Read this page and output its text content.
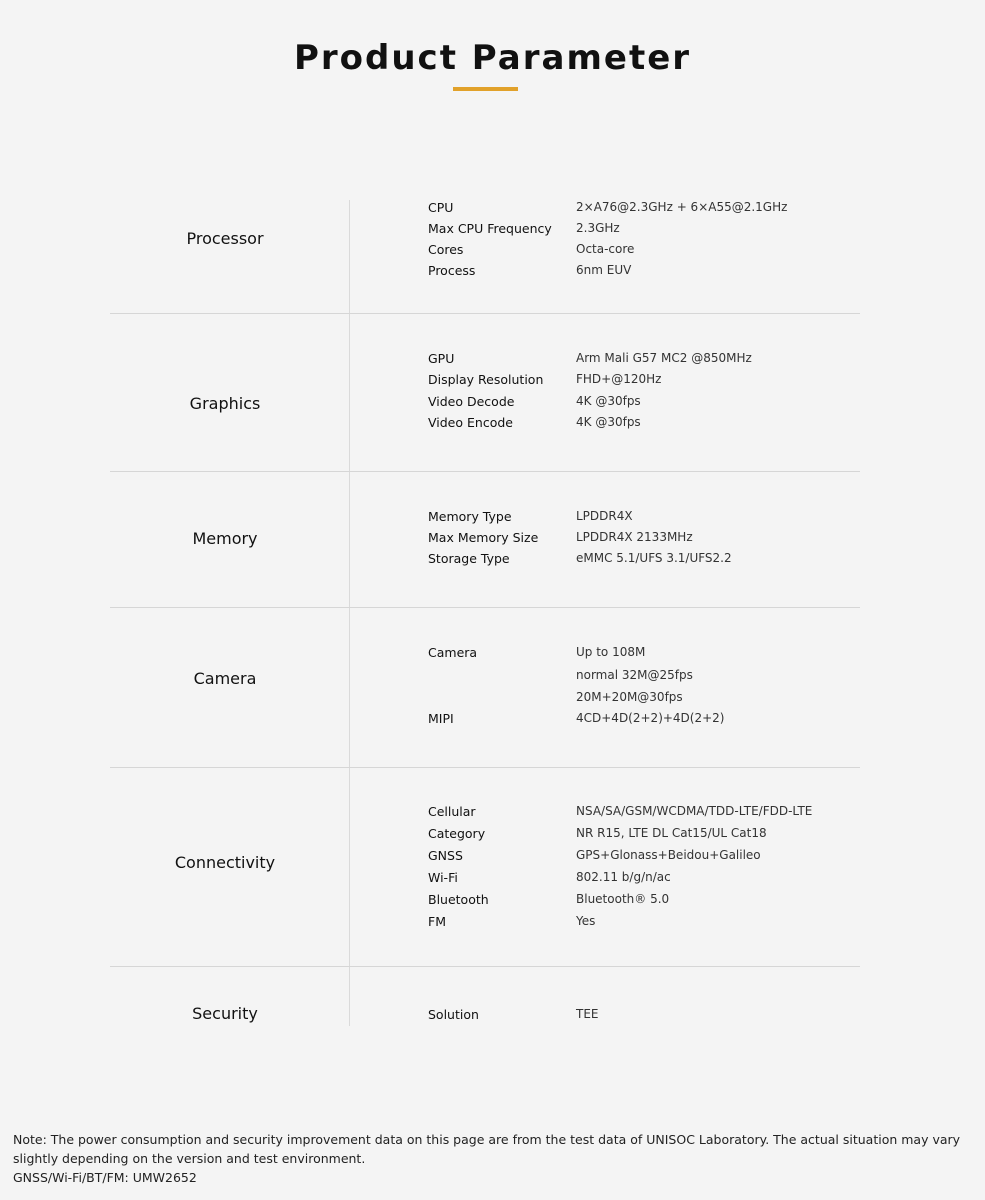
Product Parameter
Processor
CPU	2×A76@2.3GHz + 6×A55@2.1GHz
Max CPU Frequency 2.3GHz
Cores	Octa-core
Process	6nm EUV
Graphics
GPU	Arm Mali G57 MC2 @850MHz
Display Resolution	FHD+@120Hz
Video Decode	4K @30fps
Video Encode	4K @30fps
Memory
Memory Type	LPDDR4X
Max Memory Size	LPDDR4X 2133MHz
Storage Type	eMMC 5.1/UFS 3.1/UFS2.2
Camera
Camera	Up to 108M
normal 32M@25fps
20M+20M@30fps
MIPI	4CD+4D(2+2)+4D(2+2)
Connectivity
Cellular	NSA/SA/GSM/WCDMA/TDD-LTE/FDD-LTE
Category	NR R15, LTE DL Cat15/UL Cat18
GNSS	GPS+Glonass+Beidou+Galileo
Wi-Fi	802.11 b/g/n/ac
Bluetooth	Bluetooth® 5.0
FM	Yes
Security	Solution	TEE
Note: The power consumption and security improvement data on this page are from the test data of UNISOC Laboratory. The actual situation may vary slightly depending on the version and test environment.
GNSS/Wi-Fi/BT/FM: UMW2652
